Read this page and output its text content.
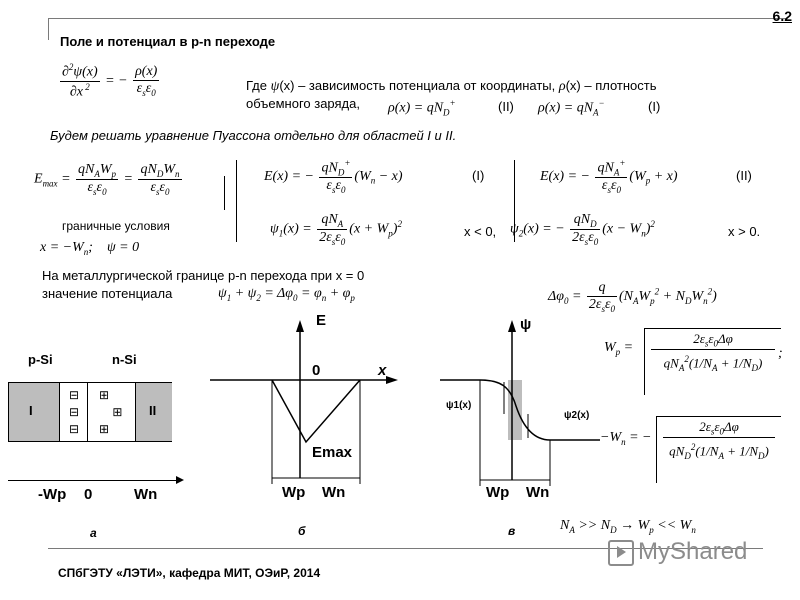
6.2
Поле и потенциал в p-n переходе
$\frac{\partial^2\psi(x)}{\partial x ^2}$ = − $\frac{\rho(x)}{\varepsilon_s\varepsilon_0}$	Где ψ(x) – зависимость потенциала от координаты, ρ(x) – плотность
объемного заряда, $\rho(x) = qN_D^+$	(II) $\rho(x) = qN_A^-$	(I)
Будем решать уравнение Пуассона отдельно для областей I и II.
$E_{max} = \frac{qN_AW_p}{\varepsilon_s\varepsilon_0} = \frac{qN_DW_n}{\varepsilon_s\varepsilon_0}$
граничные условия
$x = -W_n$;    ψ = 0
E(x) = − $\frac{qN_D^+}{\varepsilon_s\varepsilon_0} (W_n - x)$	(I)	E(x) = − $\frac{qN_A^+}{\varepsilon_s\varepsilon_0} (W_p + x)$	(II)
$\psi_1(x) = \frac{qN_A}{2\varepsilon_s\varepsilon_0} (x + W_p)^2$
x < 0, $\psi_2(x)$ = − $\frac{qN_D}{2\varepsilon_s\varepsilon_0} (x - W_n)^2$
x > 0.
На металлургической границе p-n перехода при x = 0
значение потенциала	$\psi_1 + \psi_2 = \Delta\varphi_0 = \varphi_n + \varphi_p$	$\Delta\varphi_0 = \frac{q}{2\varepsilon_s\varepsilon_0} (N_AW_p^2 + N_DW_n^2)$
$W_p$ =
$2\varepsilon_s\varepsilon_0\Delta\varphi$
$qN_A^2(1/N_A + 1/N_D)$
;
$-W_n$ = −
$2\varepsilon_s\varepsilon_0\Delta\varphi$
$qN_D^2(1/N_A + 1/N_D)$
p-Si	n-Si
I	II
⊟
⊟
⊟
⊞
⊞
⊞
-Wp 0	Wn
а
E
x
0
Emax
Wp Wn
б
ψ
ψ1(x)
ψ2(x)
Wp Wn
в	$N_A >> N_D \to W_p << W_n$
MyShared
СПбГЭТУ «ЛЭТИ», кафедра МИТ, ОЭиР, 2014
